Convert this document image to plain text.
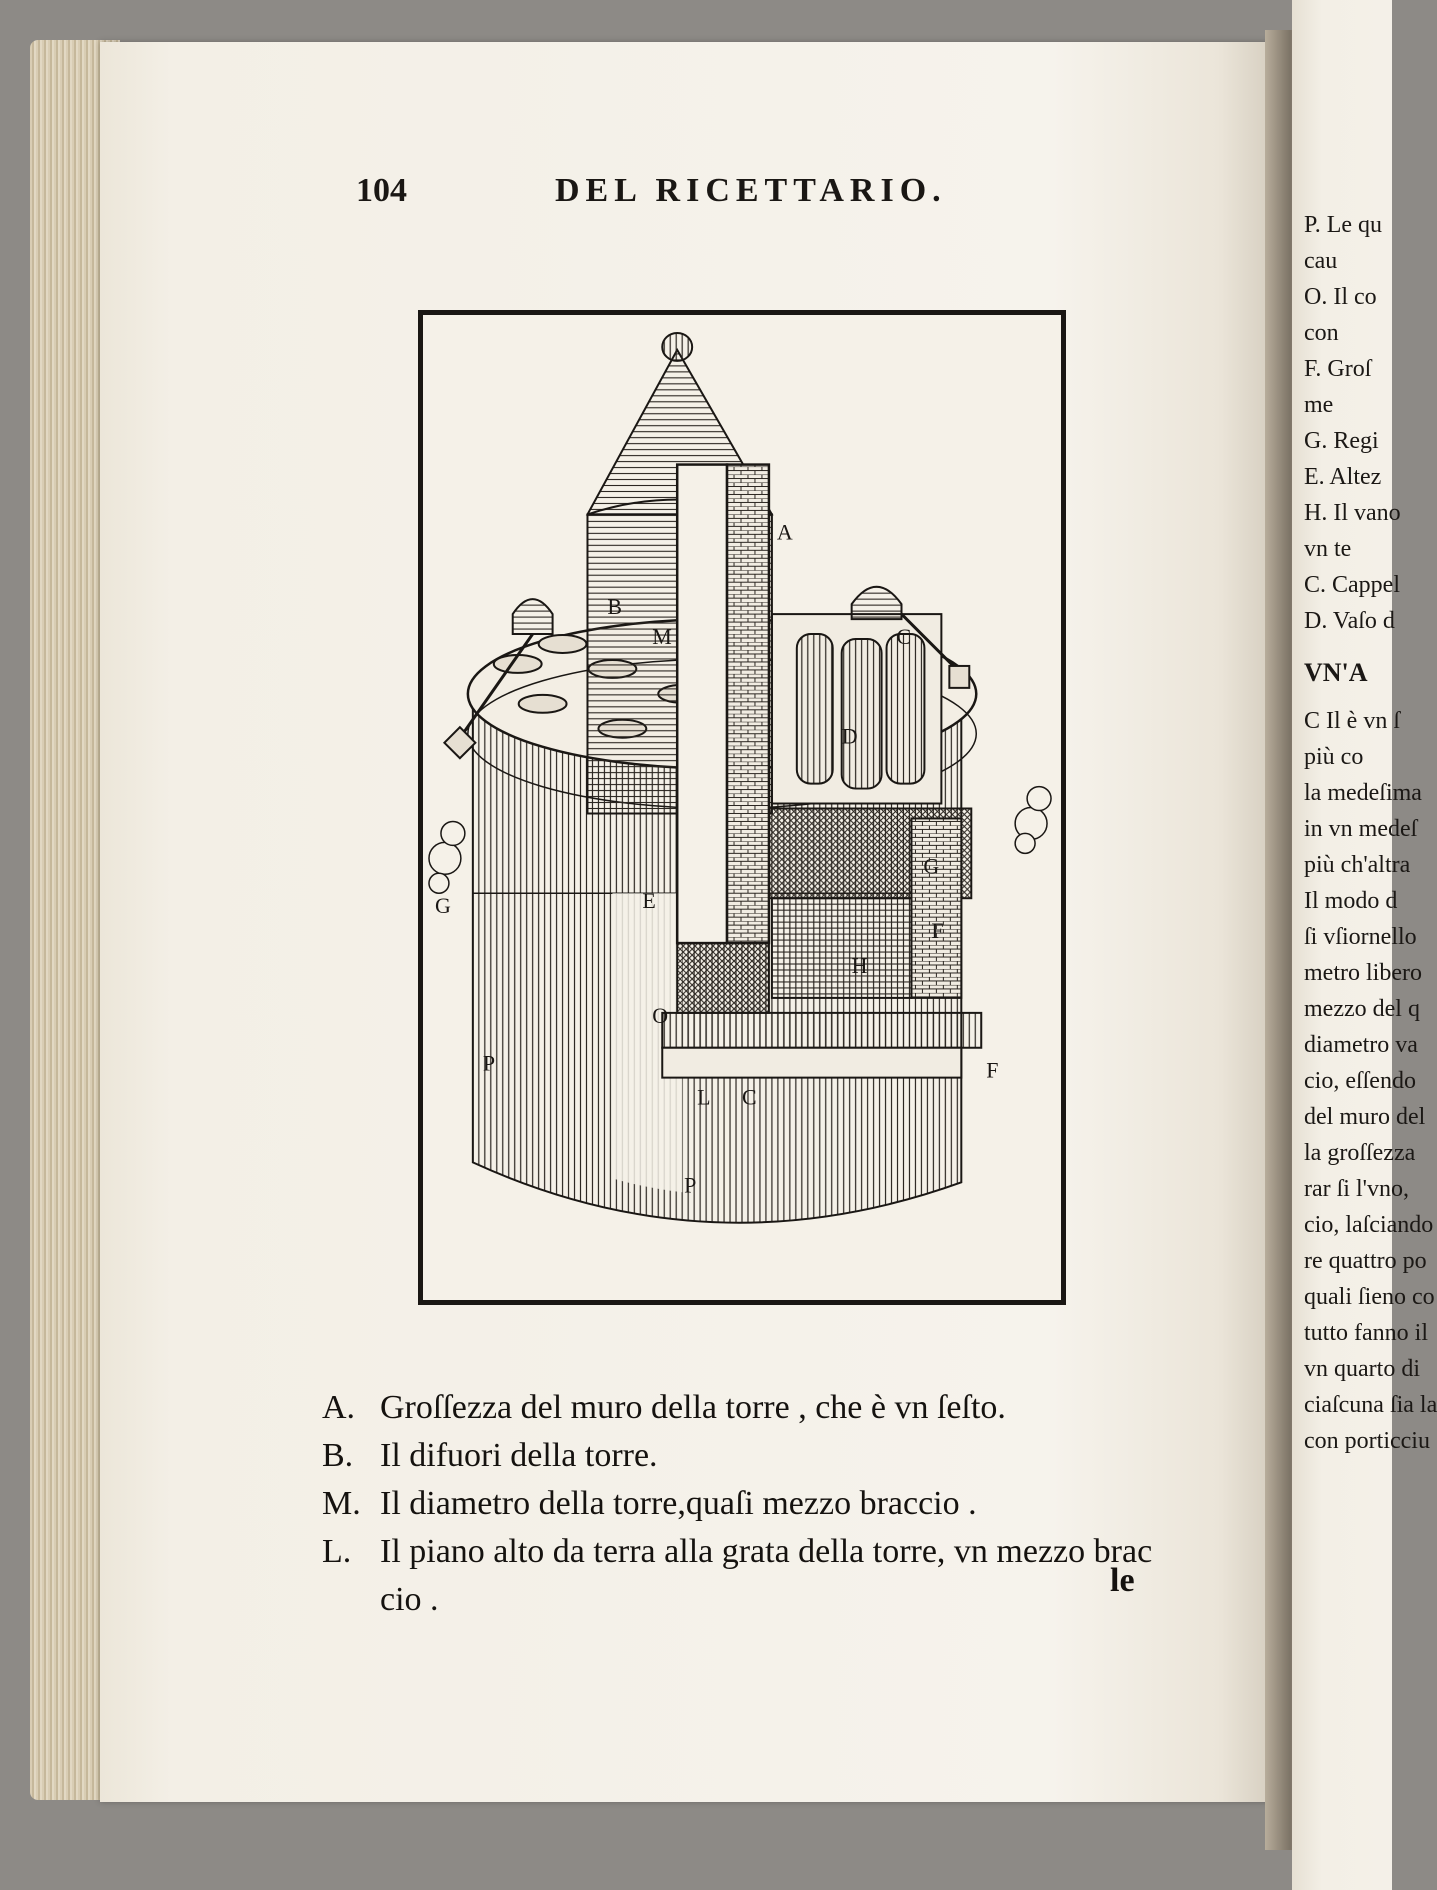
104	DEL RICETTARIO.
A
B
M	C
D
E
G
G
O
P
P
L C
H
F
F
A. Groſſezza del muro della torre , che è vn ſeſto.
B. Il difuori della torre.
M. Il diametro della torre,quaſi mezzo braccio .
L. Il piano alto da terra alla grata della torre, vn mezzo brac
cio .
le
P. Le qu
cau
O. Il co
con
F. Groſ
me
G. Regi
E. Altez
H. Il vano
vn te
C. Cappel
D. Vaſo d
VN'A
C Il è vn ſ
più co
la medeſima
in vn medeſ
più ch'altra
Il modo d
ſi vſiornello
metro libero
mezzo del q
diametro va
cio, eſſendo
del muro del
la groſſezza
rar ſi l'vno,
cio, laſciando
re quattro po
quali ſieno co
tutto fanno il
vn quarto di
ciaſcuna ſia la
con porticciu
